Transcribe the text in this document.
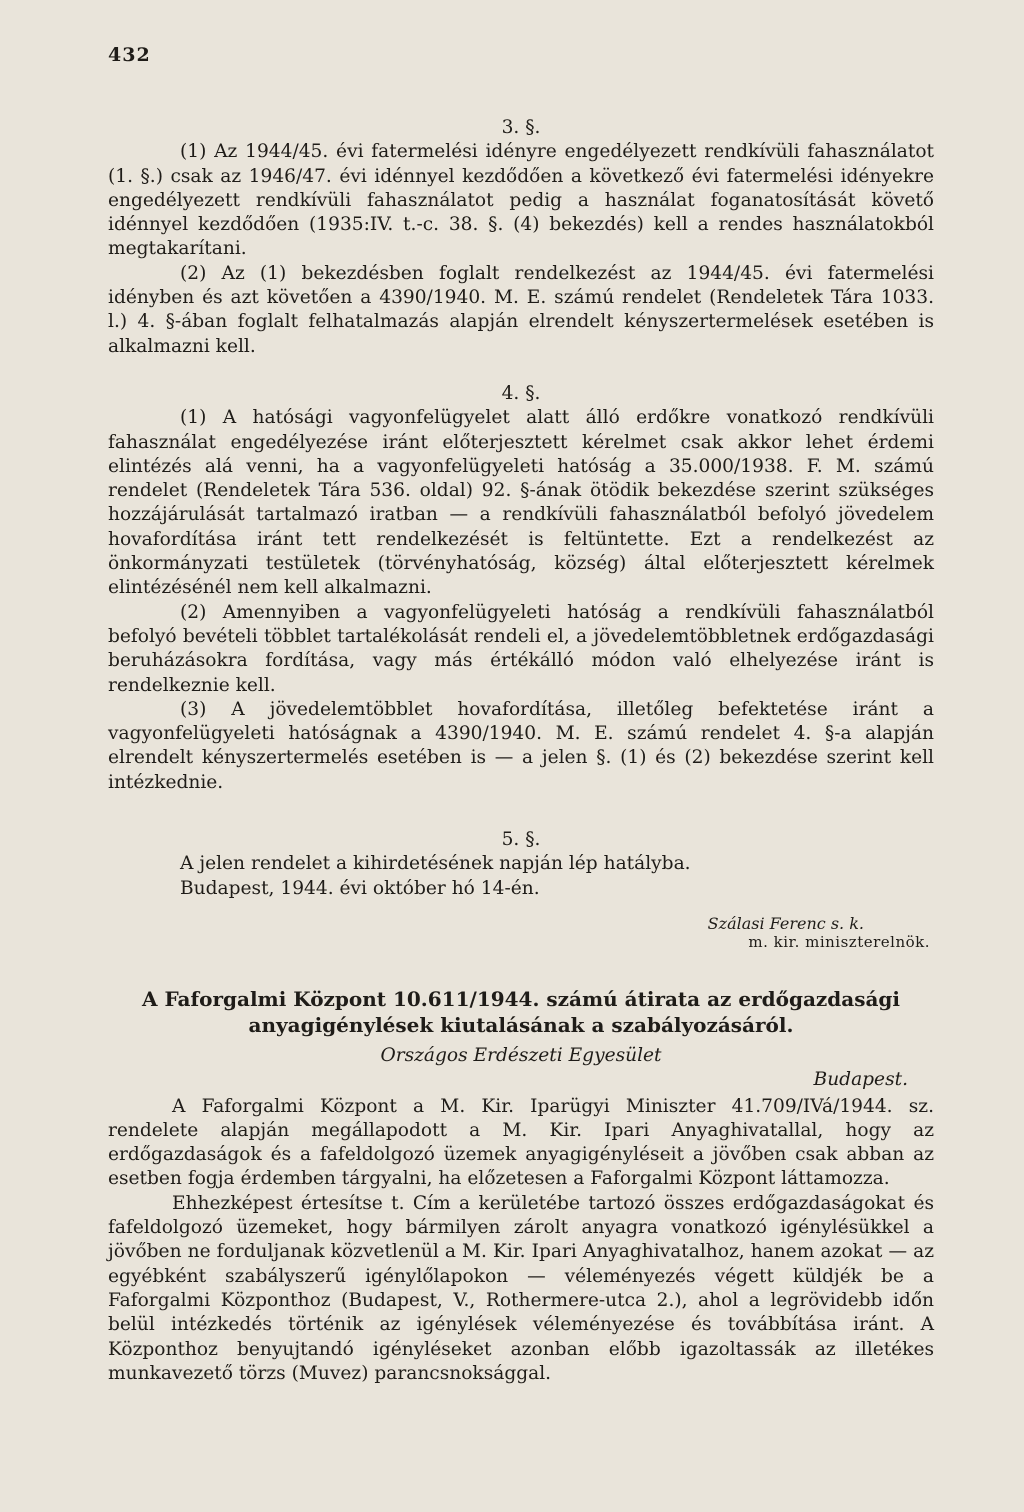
432
3. §.

(1) Az 1944/45. évi fatermelési idényre engedélyezett rendkívüli fahasználatot (1. §.) csak az 1946/47. évi idénnyel kezdődően a következő évi fatermelési idényekre engedélyezett rendkívüli fahasználatot pedig a használat foganatosítását követő idénnyel kezdődően (1935:IV. t.-c. 38. §. (4) bekezdés) kell a rendes használatokból megtakarítani.

(2) Az (1) bekezdésben foglalt rendelkezést az 1944/45. évi fatermelési idényben és azt követően a 4390/1940. M. E. számú rendelet (Rendeletek Tára 1033. l.) 4. §-ában foglalt felhatalmazás alapján elrendelt kényszertermelések esetében is alkalmazni kell.

4. §.

(1) A hatósági vagyonfelügyelet alatt álló erdőkre vonatkozó rendkívüli fahasználat engedélyezése iránt előterjesztett kérelmet csak akkor lehet érdemi elintézés alá venni, ha a vagyonfelügyeleti hatóság a 35.000/1938. F. M. számú rendelet (Rendeletek Tára 536. oldal) 92. §-ának ötödik bekezdése szerint szükséges hozzájárulását tartalmazó iratban — a rendkívüli fahasználatból befolyó jövedelem hovafordítása iránt tett rendelkezését is feltüntette. Ezt a rendelkezést az önkormányzati testületek (törvényhatóság, község) által előterjesztett kérelmek elintézésénél nem kell alkalmazni.

(2) Amennyiben a vagyonfelügyeleti hatóság a rendkívüli fahasználatból befolyó bevételi többlet tartalékolását rendeli el, a jövedelemtöbbletnek erdőgazdasági beruházásokra fordítása, vagy más értékálló módon való elhelyezése iránt is rendelkeznie kell.

(3) A jövedelemtöbblet hovafordítása, illetőleg befektetése iránt a vagyonfelügyeleti hatóságnak a 4390/1940. M. E. számú rendelet 4. §-a alapján elrendelt kényszertermelés esetében is — a jelen §. (1) és (2) bekezdése szerint kell intézkednie.

5. §.

A jelen rendelet a kihirdetésének napján lép hatályba.

Budapest, 1944. évi október hó 14-én.

Szálasi Ferenc s. k.
m. kir. miniszterelnök.
A Faforgalmi Központ 10.611/1944. számú átirata az erdőgazdasági
anyagigénylések kiutalásának a szabályozásáról.
Országos Erdészeti Egyesület
Budapest.

A Faforgalmi Központ a M. Kir. Iparügyi Miniszter 41.709/IVá/1944. sz. rendelete alapján megállapodott a M. Kir. Ipari Anyaghivatallal, hogy az erdőgazdaságok és a fafeldolgozó üzemek anyagigényléseit a jövőben csak abban az esetben fogja érdemben tárgyalni, ha előzetesen a Faforgalmi Központ láttamozza.

Ehhezképest értesítse t. Cím a kerületébe tartozó összes erdőgazdaságokat és fafeldolgozó üzemeket, hogy bármilyen zárolt anyagra vonatkozó igénylésükkel a jövőben ne forduljanak közvetlenül a M. Kir. Ipari Anyaghivatalhoz, hanem azokat — az egyébként szabályszerű igénylőlapokon — véleményezés végett küldjék be a Faforgalmi Központhoz (Budapest, V., Rothermere-utca 2.), ahol a legrövidebb időn belül intézkedés történik az igénylések véleményezése és továbbítása iránt. A Központhoz benyujtandó igényléseket azonban előbb igazoltassák az illetékes munkavezető törzs (Muvez) parancsnoksággal.
